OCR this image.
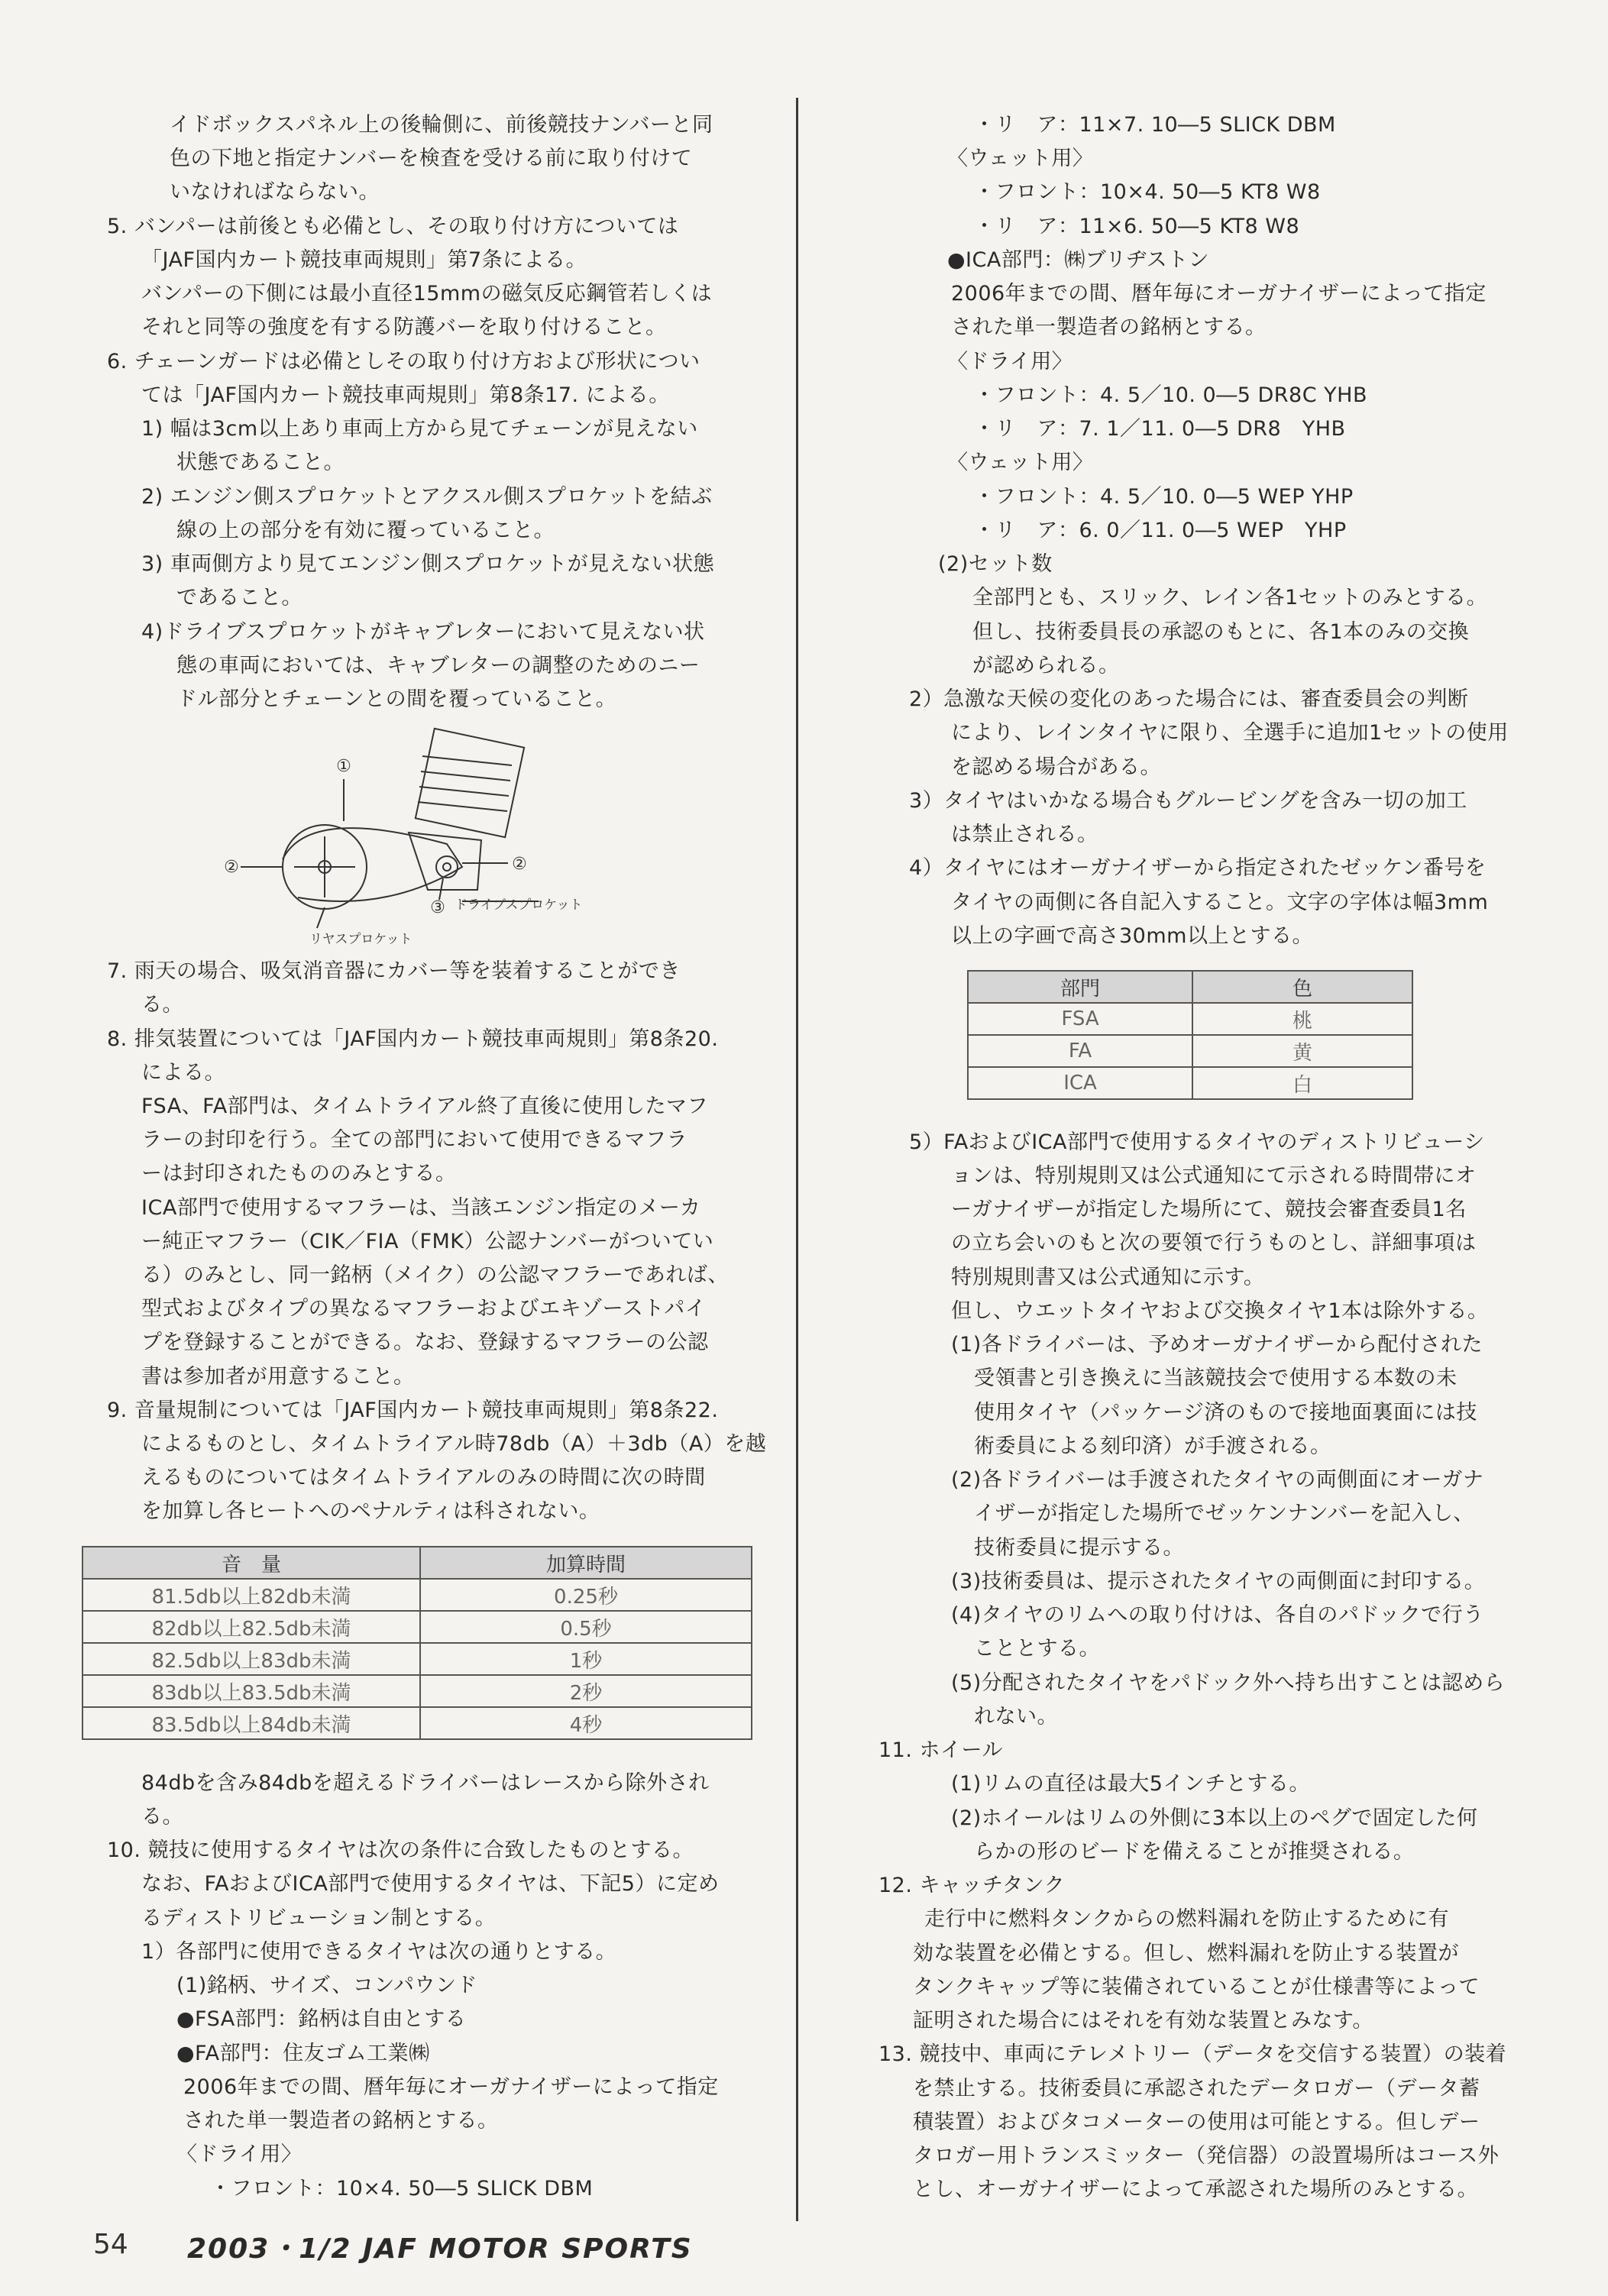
イドボックスパネル上の後輪側に、前後競技ナンバーと同
色の下地と指定ナンバーを検査を受ける前に取り付けて
いなければならない。
5. バンパーは前後とも必備とし、その取り付け方については
「JAF国内カート競技車両規則」第7条による。
バンパーの下側には最小直径15mmの磁気反応鋼管若しくは
それと同等の強度を有する防護バーを取り付けること。
6. チェーンガードは必備としその取り付け方および形状につい
ては「JAF国内カート競技車両規則」第8条17. による。
1) 幅は3cm以上あり車両上方から見てチェーンが見えない
状態であること。
2) エンジン側スプロケットとアクスル側スプロケットを結ぶ
線の上の部分を有効に覆っていること。
3) 車両側方より見てエンジン側スプロケットが見えない状態
であること。
4)ドライブスプロケットがキャブレターにおいて見えない状
態の車両においては、キャブレターの調整のためのニー
ドル部分とチェーンとの間を覆っていること。
7. 雨天の場合、吸気消音器にカバー等を装着することができ
る。
8. 排気装置については「JAF国内カート競技車両規則」第8条20.
による。
FSA、FA部門は、タイムトライアル終了直後に使用したマフ
ラーの封印を行う。全ての部門において使用できるマフラ
ーは封印されたもののみとする。
ICA部門で使用するマフラーは、当該エンジン指定のメーカ
ー純正マフラー（CIK／FIA（FMK）公認ナンバーがついてい
る）のみとし、同一銘柄（メイク）の公認マフラーであれば、
型式およびタイプの異なるマフラーおよびエキゾーストパイ
プを登録することができる。なお、登録するマフラーの公認
書は参加者が用意すること。
9. 音量規制については「JAF国内カート競技車両規則」第8条22.
によるものとし、タイムトライアル時78db（A）＋3db（A）を越
えるものについてはタイムトライアルのみの時間に次の時間
を加算し各ヒートへのペナルティは科されない。
84dbを含み84dbを超えるドライバーはレースから除外され
る。
10. 競技に使用するタイヤは次の条件に合致したものとする。
なお、FAおよびICA部門で使用するタイヤは、下記5）に定め
るディストリビューション制とする。
1）各部門に使用できるタイヤは次の通りとする。
(1)銘柄、サイズ、コンパウンド
●FSA部門：銘柄は自由とする
●FA部門：住友ゴム工業㈱
2006年までの間、暦年毎にオーガナイザーによって指定
された単一製造者の銘柄とする。
〈ドライ用〉
・フロント：10×4. 50―5 SLICK DBM
・リ　ア：11×7. 10―5 SLICK DBM
〈ウェット用〉
・フロント：10×4. 50―5 KT8 W8
・リ　ア：11×6. 50―5 KT8 W8
●ICA部門：㈱ブリヂストン
2006年までの間、暦年毎にオーガナイザーによって指定
された単一製造者の銘柄とする。
〈ドライ用〉
・フロント：4. 5／10. 0―5 DR8C YHB
・リ　ア：7. 1／11. 0―5 DR8　YHB
〈ウェット用〉
・フロント：4. 5／10. 0―5 WEP YHP
・リ　ア：6. 0／11. 0―5 WEP　YHP
(2)セット数
全部門とも、スリック、レイン各1セットのみとする。
但し、技術委員長の承認のもとに、各1本のみの交換
が認められる。
2）急激な天候の変化のあった場合には、審査委員会の判断
により、レインタイヤに限り、全選手に追加1セットの使用
を認める場合がある。
3）タイヤはいかなる場合もグルービングを含み一切の加工
は禁止される。
4）タイヤにはオーガナイザーから指定されたゼッケン番号を
タイヤの両側に各自記入すること。文字の字体は幅3mm
以上の字画で高さ30mm以上とする。
5）FAおよびICA部門で使用するタイヤのディストリビューシ
ョンは、特別規則又は公式通知にて示される時間帯にオ
ーガナイザーが指定した場所にて、競技会審査委員1名
の立ち会いのもと次の要領で行うものとし、詳細事項は
特別規則書又は公式通知に示す。
但し、ウエットタイヤおよび交換タイヤ1本は除外する。
(1)各ドライバーは、予めオーガナイザーから配付された
受領書と引き換えに当該競技会で使用する本数の未
使用タイヤ（パッケージ済のもので接地面裏面には技
術委員による刻印済）が手渡される。
(2)各ドライバーは手渡されたタイヤの両側面にオーガナ
イザーが指定した場所でゼッケンナンバーを記入し、
技術委員に提示する。
(3)技術委員は、提示されたタイヤの両側面に封印する。
(4)タイヤのリムへの取り付けは、各自のパドックで行う
こととする。
(5)分配されたタイヤをパドック外へ持ち出すことは認めら
れない。
11. ホイール
(1)リムの直径は最大5インチとする。
(2)ホイールはリムの外側に3本以上のペグで固定した何
らかの形のビードを備えることが推奨される。
12. キャッチタンク
走行中に燃料タンクからの燃料漏れを防止するために有
効な装置を必備とする。但し、燃料漏れを防止する装置が
タンクキャップ等に装備されていることが仕様書等によって
証明された場合にはそれを有効な装置とみなす。
13. 競技中、車両にテレメトリー（データを交信する装置）の装着
を禁止する。技術委員に承認されたデータロガー（データ蓄
積装置）およびタコメーターの使用は可能とする。但しデー
タロガー用トランスミッター（発信器）の設置場所はコース外
とし、オーガナイザーによって承認された場所のみとする。
①
②	②
③ ドライブスプロケット
リヤスプロケット
音　量	加算時間
81.5db以上82db未満	0.25秒
82db以上82.5db未満	0.5秒
82.5db以上83db未満	1秒
83db以上83.5db未満	2秒
83.5db以上84db未満	4秒
部門	色
FSA	桃
FA	黄
ICA	白
54 2003・1/2 JAF MOTOR SPORTS
